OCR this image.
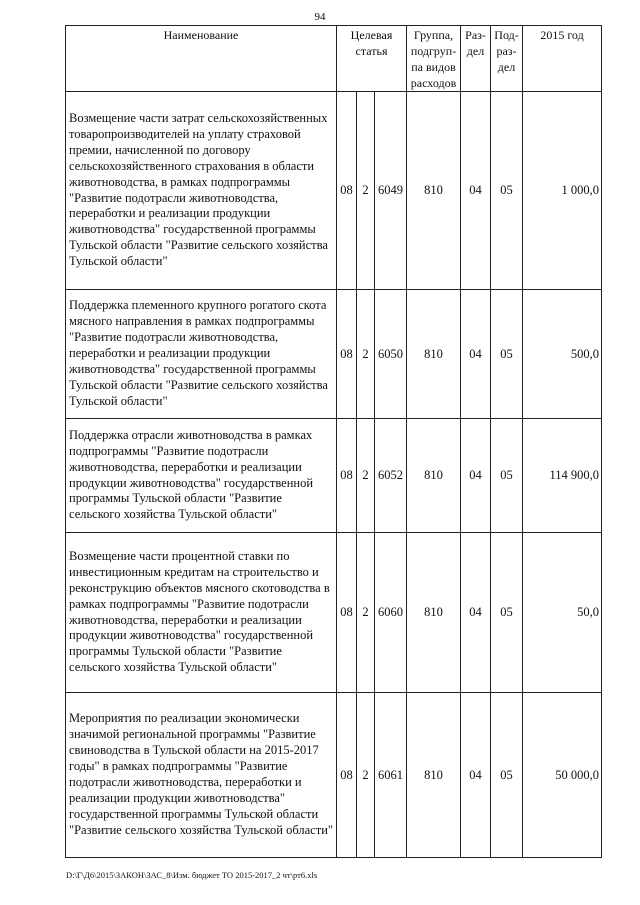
94
Наименование	Целевая статья			Группа, подгруп-па видов расходов	Раз-дел	Под-раз-дел	2015 год
Возмещение части затрат сельскохозяйственных товаропроизводителей на уплату страховой премии, начисленной по договору сельскохозяйственного страхования в области животноводства, в рамках подпрограммы "Развитие подотрасли животноводства, переработки и реализации продукции животноводства" государственной программы Тульской области "Развитие сельского хозяйства Тульской области"	08	2	6049	810	04	05	1 000,0
Поддержка племенного крупного рогатого скота мясного направления в рамках подпрограммы "Развитие подотрасли животноводства, переработки и реализации продукции животноводства" государственной программы Тульской области "Развитие сельского хозяйства Тульской области"	08	2	6050	810	04	05	500,0
Поддержка отрасли животноводства в рамках подпрограммы "Развитие подотрасли животноводства, переработки и реализации продукции животноводства" государственной программы Тульской области "Развитие сельского хозяйства Тульской области"	08	2	6052	810	04	05	114 900,0
Возмещение части процентной ставки по инвестиционным кредитам на строительство и реконструкцию объектов мясного скотоводства в рамках подпрограммы "Развитие подотрасли животноводства, переработки и реализации продукции животноводства" государственной программы Тульской области "Развитие сельского хозяйства Тульской области"	08	2	6060	810	04	05	50,0
Мероприятия по реализации экономически значимой региональной программы "Развитие свиноводства в Тульской области на 2015-2017 годы" в рамках подпрограммы "Развитие подотрасли животноводства, переработки и реализации продукции животноводства" государственной программы Тульской области "Развитие сельского хозяйства Тульской области"	08	2	6061	810	04	05	50 000,0
D:\Г\Д6\2015\ЗАКОН\ЗАС_8\Изм. бюджет ТО 2015-2017_2 чт\рт6.xls
